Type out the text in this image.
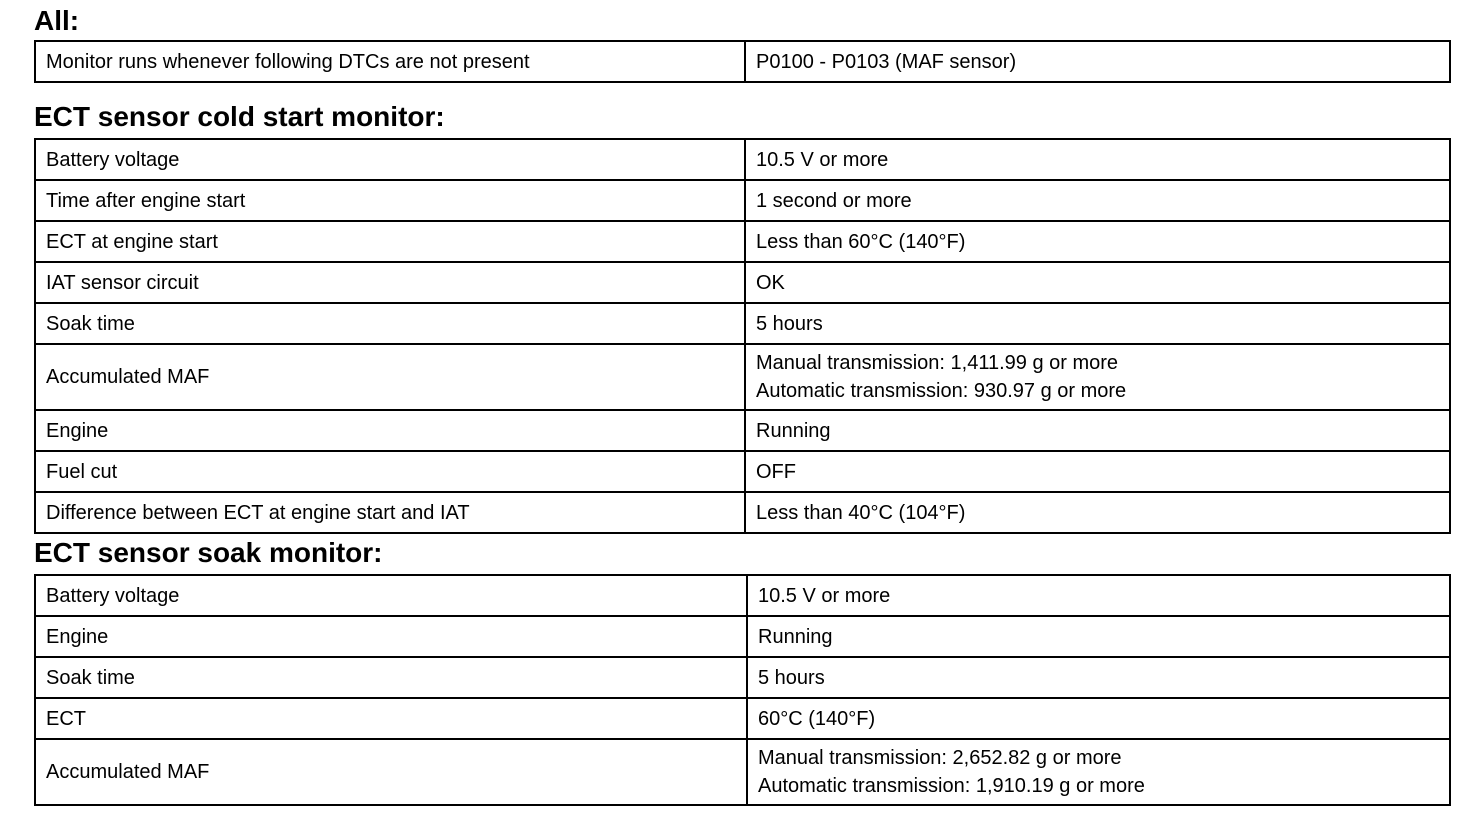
All:
Monitor runs whenever following DTCs are not present	P0100 - P0103 (MAF sensor)
ECT sensor cold start monitor:
Battery voltage	10.5 V or more
Time after engine start	1 second or more
ECT at engine start	Less than 60°C (140°F)
IAT sensor circuit	OK
Soak time	5 hours
Accumulated MAF	Manual transmission: 1,411.99 g or more
Automatic transmission: 930.97 g or more

Engine	Running
Fuel cut	OFF
Difference between ECT at engine start and IAT	Less than 40°C (104°F)
ECT sensor soak monitor:
Battery voltage	10.5 V or more
Engine	Running
Soak time	5 hours
ECT	60°C (140°F)
Accumulated MAF	Manual transmission: 2,652.82 g or more
Automatic transmission: 1,910.19 g or more
